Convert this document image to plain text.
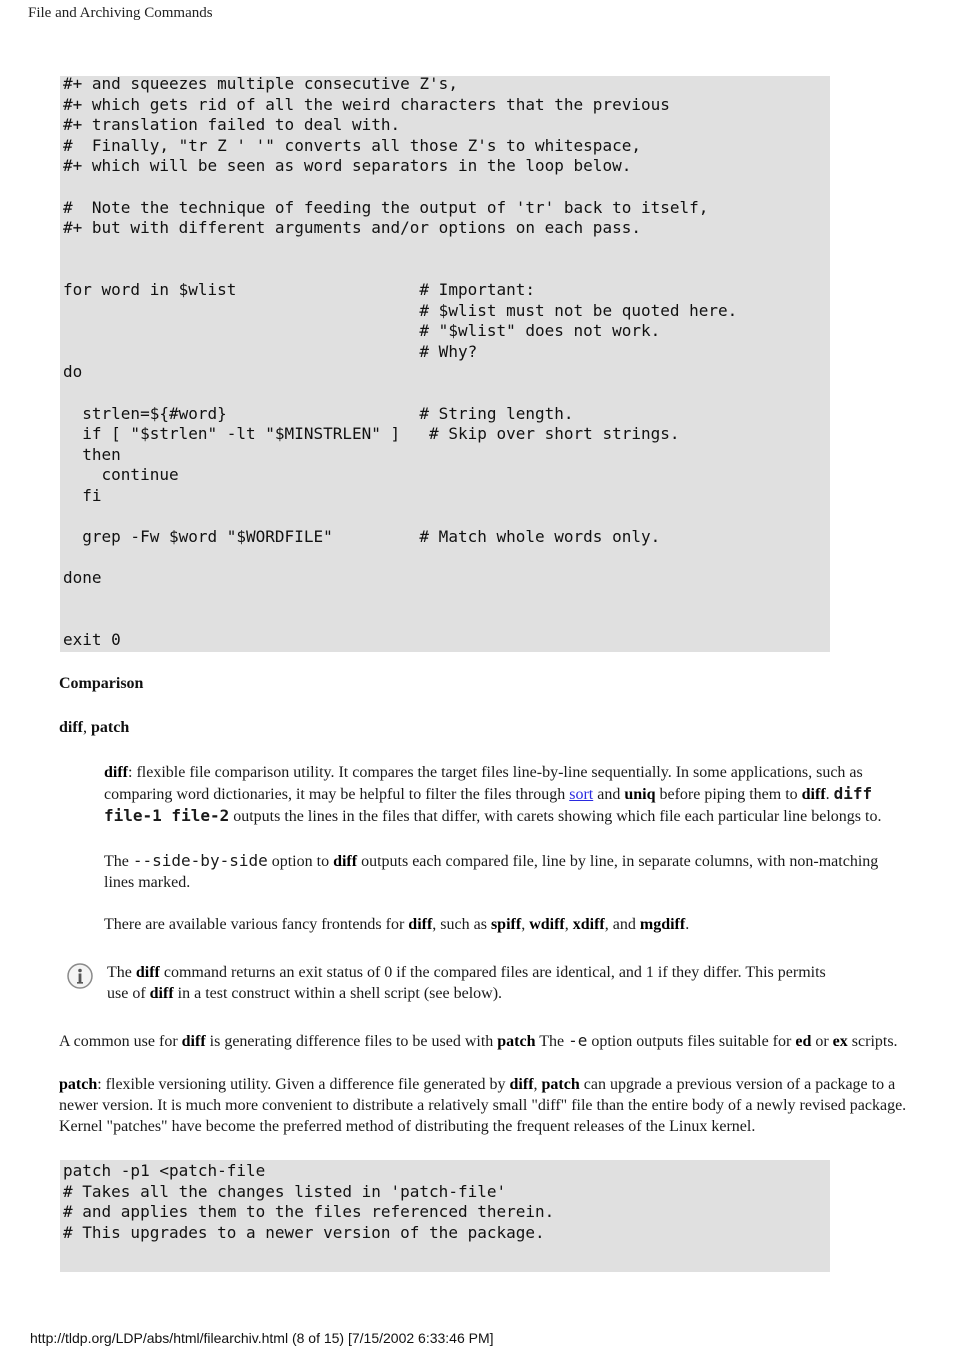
File and Archiving Commands
#+ and squeezes multiple consecutive Z's,
#+ which gets rid of all the weird characters that the previous
#+ translation failed to deal with.
#  Finally, "tr Z ' '" converts all those Z's to whitespace,
#+ which will be seen as word separators in the loop below.

#  Note the technique of feeding the output of 'tr' back to itself,
#+ but with different arguments and/or options on each pass.

for word in $wlist                   # Important:
# $wlist must not be quoted here.
# "$wlist" does not work.
# Why?
do

strlen=${#word}                    # String length.
if [ "$strlen" -lt "$MINSTRLEN" ]   # Skip over short strings.
then
continue
fi

grep -Fw $word "$WORDFILE"         # Match whole words only.

done

exit 0
Comparison
diff, patch

diff: flexible file comparison utility. It compares the target files line-by-line sequentially. In some applications, such as comparing word dictionaries, it may be helpful to filter the files through sort and uniq before piping them to diff. diff file-1 file-2 outputs the lines in the files that differ, with carets showing which file each particular line belongs to.

The --side-by-side option to diff outputs each compared file, line by line, in separate columns, with non-matching lines marked.

There are available various fancy frontends for diff, such as spiff, wdiff, xdiff, and mgdiff.

The diff command returns an exit status of 0 if the compared files are identical, and 1 if they differ. This permits use of diff in a test construct within a shell script (see below).

A common use for diff is generating difference files to be used with patch The -e option outputs files suitable for ed or ex scripts.

patch: flexible versioning utility. Given a difference file generated by diff, patch can upgrade a previous version of a package to a newer version. It is much more convenient to distribute a relatively small "diff" file than the entire body of a newly revised package. Kernel "patches" have become the preferred method of distributing the frequent releases of the Linux kernel.

patch -p1 <patch-file
# Takes all the changes listed in 'patch-file'
# and applies them to the files referenced therein.
# This upgrades to a newer version of the package.
http://tldp.org/LDP/abs/html/filearchiv.html (8 of 15) [7/15/2002 6:33:46 PM]
